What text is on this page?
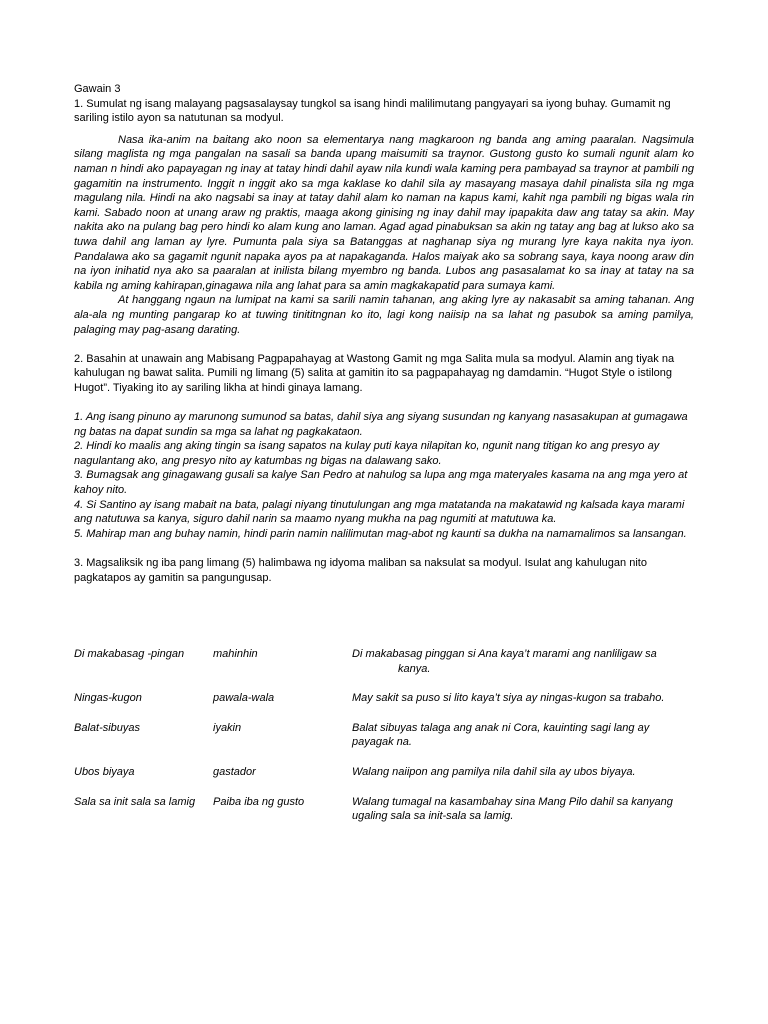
Gawain 3

1. Sumulat ng isang malayang pagsasalaysay tungkol sa isang hindi malilimutang pangyayari sa iyong buhay. Gumamit ng sariling istilo ayon sa natutunan sa modyul.

Nasa ika-anim na baitang ako noon sa elementarya nang magkaroon ng banda ang aming paaralan. Nagsimula silang maglista ng mga pangalan na sasali sa banda upang maisumiti sa traynor. Gustong gusto ko sumali ngunit alam ko naman n hindi ako papayagan ng inay at tatay hindi dahil ayaw nila kundi wala kaming pera pambayad sa traynor at pambili ng gagamitin na instrumento. Inggit n inggit ako sa mga kaklase ko dahil sila ay masayang masaya dahil pinalista sila ng mga magulang nila. Hindi na ako nagsabi sa inay at tatay dahil alam ko naman na kapus kami, kahit nga pambili ng bigas wala rin kami. Sabado noon at unang araw ng praktis, maaga akong ginising ng inay dahil may ipapakita daw ang tatay sa akin. May nakita ako na pulang bag pero hindi ko alam kung ano laman. Agad agad pinabuksan sa akin ng tatay ang bag at lukso ako sa tuwa dahil ang laman ay lyre. Pumunta pala siya sa Batanggas at naghanap siya ng murang lyre kaya nakita nya iyon. Pandalawa ako sa gagamit ngunit napaka ayos pa at napakaganda. Halos maiyak ako sa sobrang saya, kaya noong araw din na iyon inihatid nya ako sa paaralan at inilista bilang myembro ng banda. Lubos ang pasasalamat ko sa inay at tatay na sa kabila ng aming kahirapan,ginagawa nila ang lahat para sa amin magkakapatid para sumaya kami.

At hanggang ngaun na lumipat na kami sa sarili namin tahanan, ang aking lyre ay nakasabit sa aming tahanan. Ang ala-ala ng munting pangarap ko at tuwing tinititngnan ko ito, lagi kong naiisip na sa lahat ng pasubok sa aming pamilya, palaging may pag-asang darating.

2. Basahin at unawain ang Mabisang Pagpapahayag at Wastong Gamit ng mga Salita mula sa modyul. Alamin ang tiyak na kahulugan ng bawat salita. Pumili ng limang (5) salita at gamitin ito sa pagpapahayag ng damdamin. “Hugot Style o istilong Hugot”. Tiyaking ito ay sariling likha at hindi ginaya lamang.

1. Ang isang pinuno ay marunong sumunod sa batas, dahil siya ang siyang susundan ng kanyang nasasakupan at gumagawa ng batas na dapat sundin sa mga sa lahat ng pagkakataon.

2. Hindi ko maalis ang aking tingin sa isang sapatos na kulay puti kaya nilapitan ko, ngunit nang titigan ko ang presyo ay nagulantang ako, ang presyo nito ay katumbas ng bigas na dalawang sako.

3. Bumagsak ang ginagawang gusali sa kalye San Pedro at nahulog sa lupa ang mga materyales kasama na ang mga yero at kahoy nito.

4. Si Santino ay isang mabait na bata, palagi niyang tinutulungan ang mga matatanda na makatawid ng kalsada kaya marami ang natutuwa sa kanya, siguro dahil narin sa maamo nyang mukha na pag ngumiti at matutuwa ka.

5. Mahirap man ang buhay namin, hindi parin namin nalilimutan mag-abot ng kaunti sa dukha na namamalimos sa lansangan.

3. Magsaliksik ng iba pang limang (5) halimbawa ng idyoma maliban sa naksulat sa modyul. Isulat ang kahulugan nito pagkatapos ay gamitin sa pangungusap.

Di makabasag -pingan	mahinhin	Di makabasag pinggan si Ana kaya’t marami ang nanliligaw sa
kanya.
Ningas-kugon	pawala-wala	May sakit sa puso si lito kaya’t siya ay ningas-kugon sa trabaho.
Balat-sibuyas	iyakin	Balat sibuyas talaga ang anak ni Cora, kauinting sagi lang ay payagak na.
Ubos biyaya	gastador	Walang naiipon ang pamilya nila dahil sila ay ubos biyaya.
Sala sa init sala sa lamig	Paiba iba ng gusto	Walang tumagal na kasambahay sina Mang Pilo dahil sa kanyang ugaling sala sa init-sala sa lamig.
